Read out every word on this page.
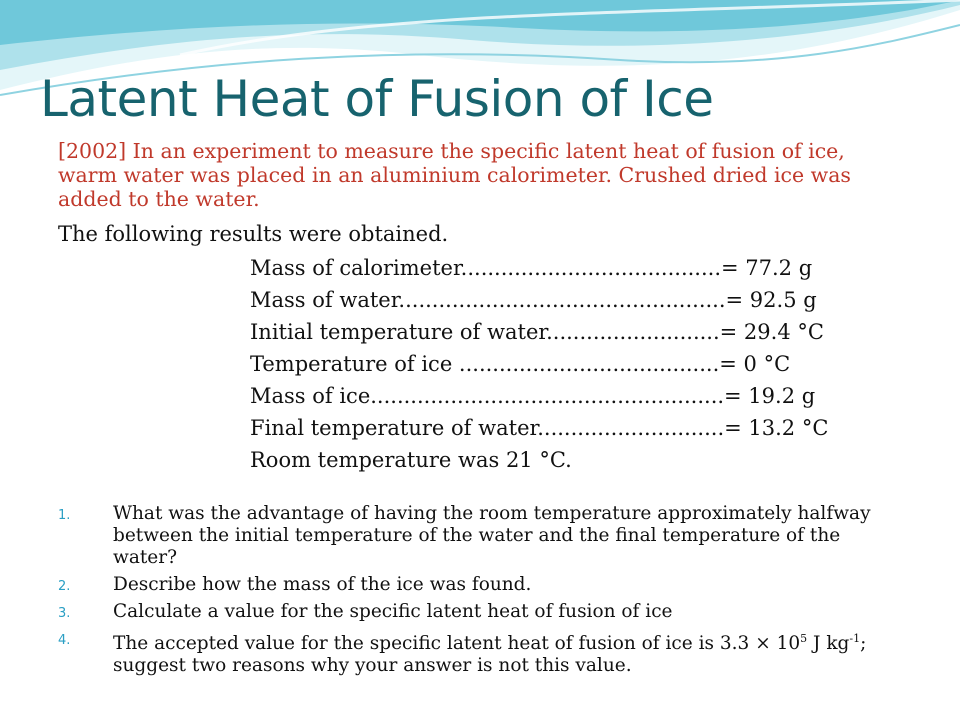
Latent Heat of Fusion of Ice

[2002] In an experiment to measure the specific latent heat of fusion of ice, warm water was placed in an aluminium calorimeter. Crushed dried ice was added to the water.

The following results were obtained.

Mass of calorimeter.......................................= 77.2 g
Mass of water.................................................= 92.5 g
Initial temperature of water..........................= 29.4 °C
Temperature of ice .......................................= 0 °C
Mass of ice.....................................................= 19.2 g
Final temperature of water............................= 13.2 °C
Room temperature was 21 °C.
1. What was the advantage of having the room temperature approximately halfway between the initial temperature of the water and the final temperature of the water?
2. Describe how the mass of the ice was found.
3. Calculate a value for the specific latent heat of fusion of ice
4. The accepted value for the specific latent heat of fusion of ice is $3.3 \times 10^5$ J $kg^{-1}$; suggest two reasons why your answer is not this value.
